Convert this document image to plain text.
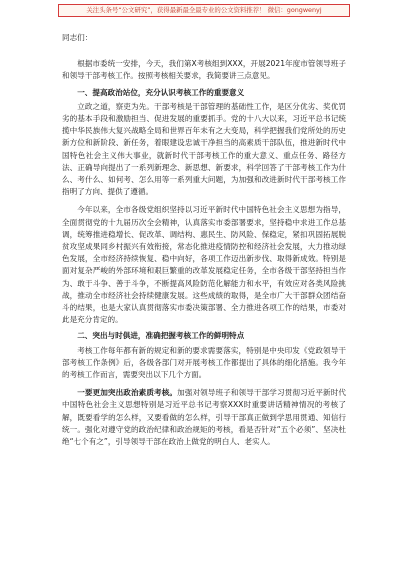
关注头条号“公文研究”，获得最新最全最专业的公文资料推荐！ 微信：gongwenyj
同志们：

根据市委统一安排，今天，我们第X考核组到XXX，开展2021年度市管领导班子和领导干部考核工作。按照考核相关要求，我简要讲三点意见。

一、提高政治站位，充分认识考核工作的重要意义

立政之道，察吏为先。干部考核是干部管理的基础性工作，是区分优劣、奖优罚劣的基本手段和激励担当、促进发展的重要抓手。党的十八大以来，习近平总书记统揽中华民族伟大复兴战略全局和世界百年未有之大变局，科学把握我们党所处的历史新方位和新阶段、新任务，着眼建设忠诚干净担当的高素质干部队伍，推进新时代中国特色社会主义伟大事业，就新时代干部考核工作的重大意义、重点任务、路径方法、正确导向提出了一系列新理念、新思想、新要求，科学回答了干部考核工作为什么、考什么、如何考、怎么用等一系列重大问题，为加强和改进新时代干部考核工作指明了方向、提供了遵循。

今年以来，全市各级党组织坚持以习近平新时代中国特色社会主义思想为指导，全面贯彻党的十九届历次全会精神，认真落实市委部署要求，坚持稳中求进工作总基调，统筹推进稳增长、促改革、调结构、惠民生、防风险、保稳定，紧扣巩固拓展脱贫攻坚成果同乡村振兴有效衔接，常态化推进疫情防控和经济社会发展，大力推动绿色发展，全市经济持续恢复、稳中向好，各项工作迈出新步伐、取得新成效。特别是面对复杂严峻的外部环境和艰巨繁重的改革发展稳定任务，全市各级干部坚持担当作为、敢于斗争、善于斗争，不断提高风险防范化解能力和水平，有效应对各类风险挑战，推动全市经济社会持续健康发展。这些成绩的取得，是全市广大干部群众团结奋斗的结果，也是大家认真贯彻落实市委决策部署、全力推进各项工作的结果，市委对此是充分肯定的。

二、突出与时俱进，准确把握考核工作的鲜明特点

考核工作每年都有新的规定和新的要求需要落实，特别是中央印发《党政领导干部考核工作条例》后，各级各部门对开展考核工作都提出了具体的细化措施。我今年的考核工作而言，需要突出以下几个方面。

一要更加突出政治素质考核。加强对领导班子和领导干部学习贯彻习近平新时代中国特色社会主义思想特别是习近平总书记考察XXX时重要讲话精神情况的考核了解，既要看学的怎么样，又要看做的怎么样，引导干部真正做到学思用贯通、知信行统一。强化对遵守党的政治纪律和政治规矩的考核，看是否针对“五个必须”、坚决杜绝“七个有之”，引导领导干部在政治上做党的明白人、老实人。
